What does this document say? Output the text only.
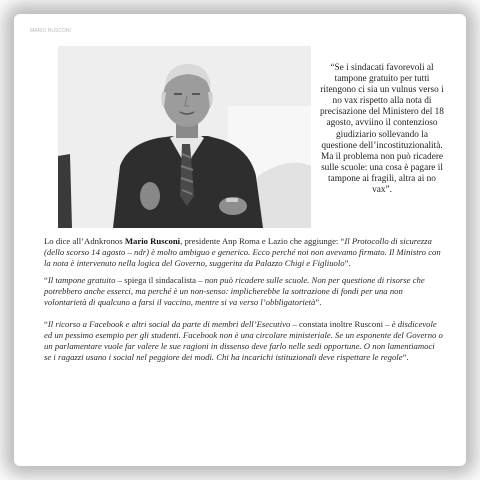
MARIO RUSCONI
“Se i sindacati favorevoli al tampone gratuito per tutti ritengono ci sia un vulnus verso i no vax rispetto alla nota di precisazione del Ministero del 18 agosto, avviino il contenzioso giudiziario sollevando la questione dell’incostituzionalità. Ma il problema non può ricadere sulle scuole: una cosa è pagare il tampone ai fragili, altra ai no vax”.

Lo dice all’Adnkronos Mario Rusconi, presidente Anp Roma e Lazio che aggiunge: “Il Protocollo di sicurezza (dello scorso 14 agosto – ndr) è molto ambiguo e generico. Ecco perché noi non avevamo firmato. Il Ministro con la nota è intervenuto nella logica del Governo, suggerita da Palazzo Chigi e Figliuolo”.

“Il tampone gratuito – spiega il sindacalista – non può ricadere sulle scuole. Non per questione di risorse che potrebbero anche esserci, ma perché è un non-senso: implicherebbe la sottrazione di fondi per una non volontarietà di qualcuno a farsi il vaccino, mentre si va verso l’obbligatorietà”.

“Il ricorso a Facebook e altri social da parte di membri dell’Esecutivo – constata inoltre Rusconi – è disdicevole ed un pessimo esempio per gli studenti. Facebook non è una circolare ministeriale. Se un esponente del Governo o un parlamentare vuole far valere le sue ragioni in dissenso deve farlo nelle sedi opportune. O non lamentiamoci se i ragazzi usano i social nel peggiore dei modi. Chi ha incarichi istituzionali deve rispettare le regole”.
